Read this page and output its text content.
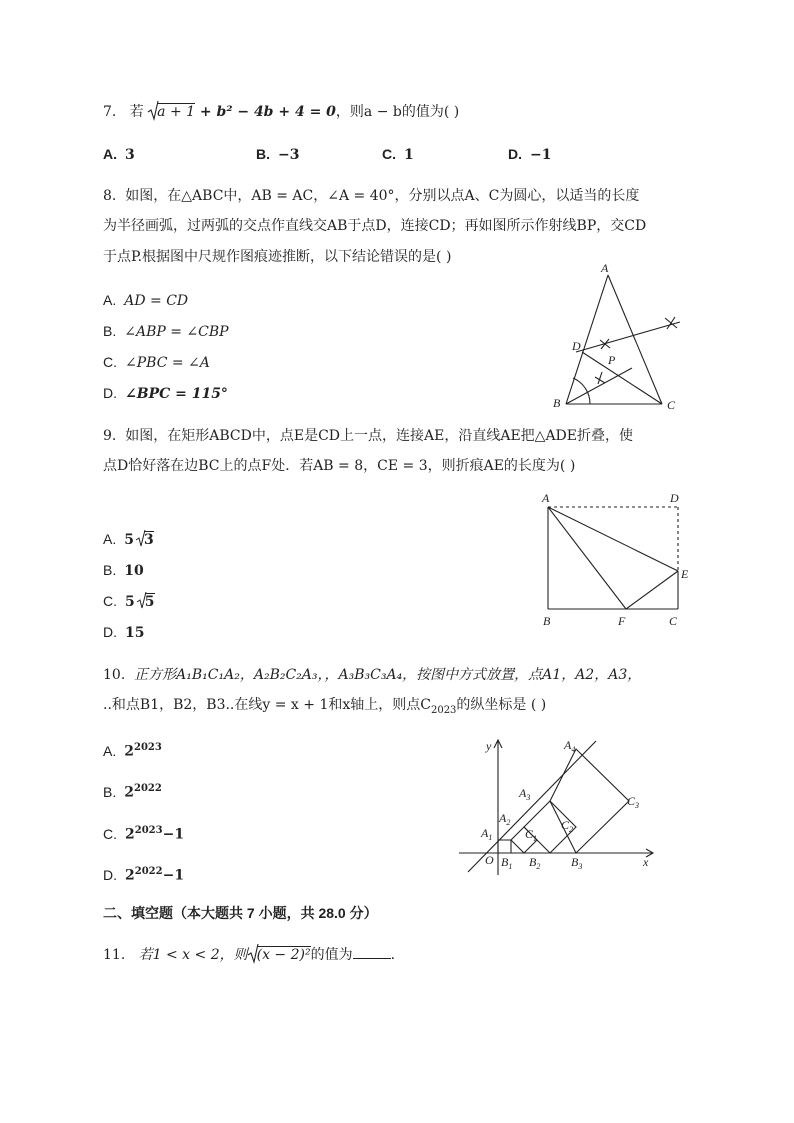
7. 若 a + 1 + b² − 4b + 4 = 0，则a − b的值为( )
A. 3	B. −3	C. 1	D. −1
8. 如图，在△ABC中，AB = AC，∠A = 40°，分别以点A、C为圆心，以适当的长度
为半径画弧，过两弧的交点作直线交AB于点D，连接CD；再如图所示作射线BP，交CD
于点P.根据图中尺规作图痕迹推断，以下结论错误的是( )
A. AD = CD
B. ∠ABP = ∠CBP
C. ∠PBC = ∠A
D. ∠BPC = 115°
A
D
P
B	C
9. 如图，在矩形ABCD中，点E是CD上一点，连接AE，沿直线AE把△ADE折叠，使
点D恰好落在边BC上的点F处．若AB = 8，CE = 3，则折痕AE的长度为( )
A. 5 3
B. 10
C. 5 5
D. 15
A	D
E
B	F	C
10. 正方形A₁B₁C₁A₂，A₂B₂C₂A₃，，A₃B₃C₃A₄，按图中方式放置，点A1，A2，A3，
..和点B1，B2，B3..在线y = x + 1和x轴上，则点$C_{2023}$的纵坐标是 ( )
A. $2^{2023}$
B. $2^{2022}$
C. $2^{2023}-1$
D. $2^{2022}-1$
y
x
O
$A_1$
$A_2$
$A_3$
$A_4$
$B_1$ $B_2$	$B_3$
$C_1$
$C_2$
$C_3$
二、填空题（本大题共 7 小题，共 28.0 分）
11. 若1 < x < 2，则 (x − 2)²的值为	.
